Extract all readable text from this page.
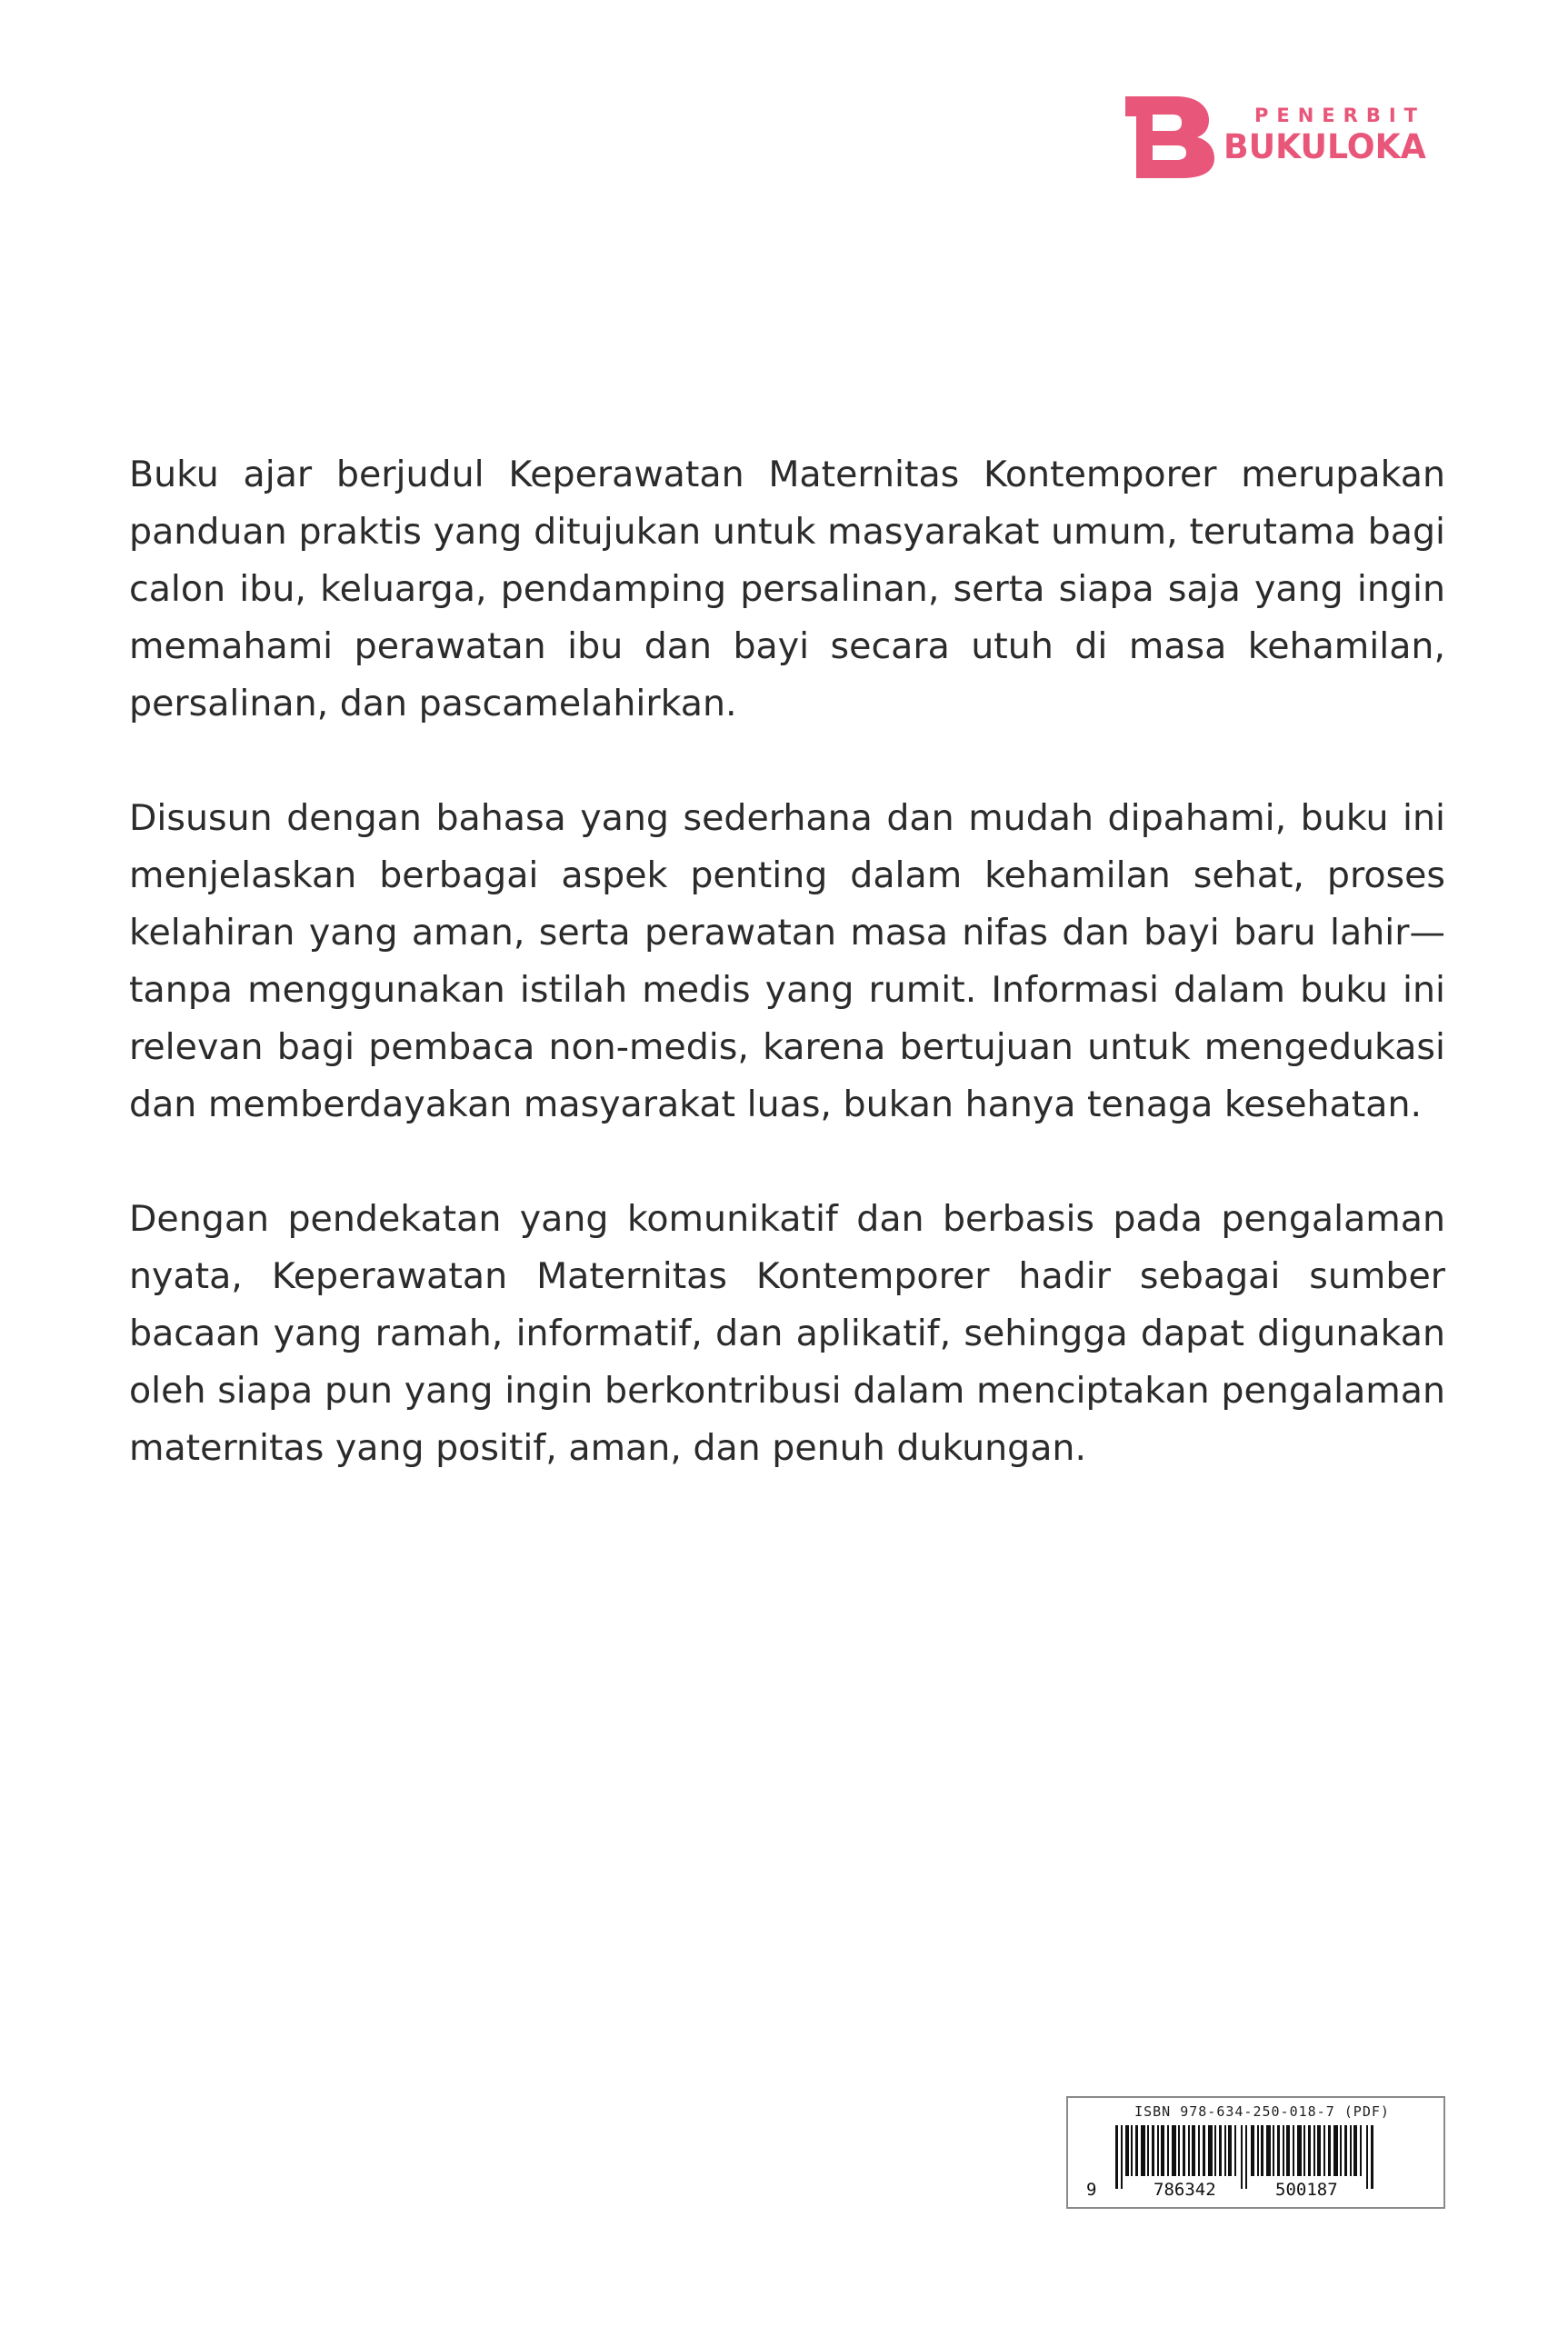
PENERBIT
BUKULOKA

Buku ajar berjudul Keperawatan Maternitas Kontemporer merupakan panduan praktis yang ditujukan untuk masyarakat umum, terutama bagi calon ibu, keluarga, pendamping persalinan, serta siapa saja yang ingin memahami perawatan ibu dan bayi secara utuh di masa kehamilan, persalinan, dan pascamelahirkan.

Disusun dengan bahasa yang sederhana dan mudah dipahami, buku ini menjelaskan berbagai aspek penting dalam kehamilan sehat, proses kelahiran yang aman, serta perawatan masa nifas dan bayi baru lahir—tanpa menggunakan istilah medis yang rumit. Informasi dalam buku ini relevan bagi pembaca non-medis, karena bertujuan untuk mengedukasi dan memberdayakan masyarakat luas, bukan hanya tenaga kesehatan.

Dengan pendekatan yang komunikatif dan berbasis pada pengalaman nyata, Keperawatan Maternitas Kontemporer hadir sebagai sumber bacaan yang ramah, informatif, dan aplikatif, sehingga dapat digunakan oleh siapa pun yang ingin berkontribusi dalam menciptakan pengalaman maternitas yang positif, aman, dan penuh dukungan.

ISBN 978-634-250-018-7 (PDF)
9	786342	500187
